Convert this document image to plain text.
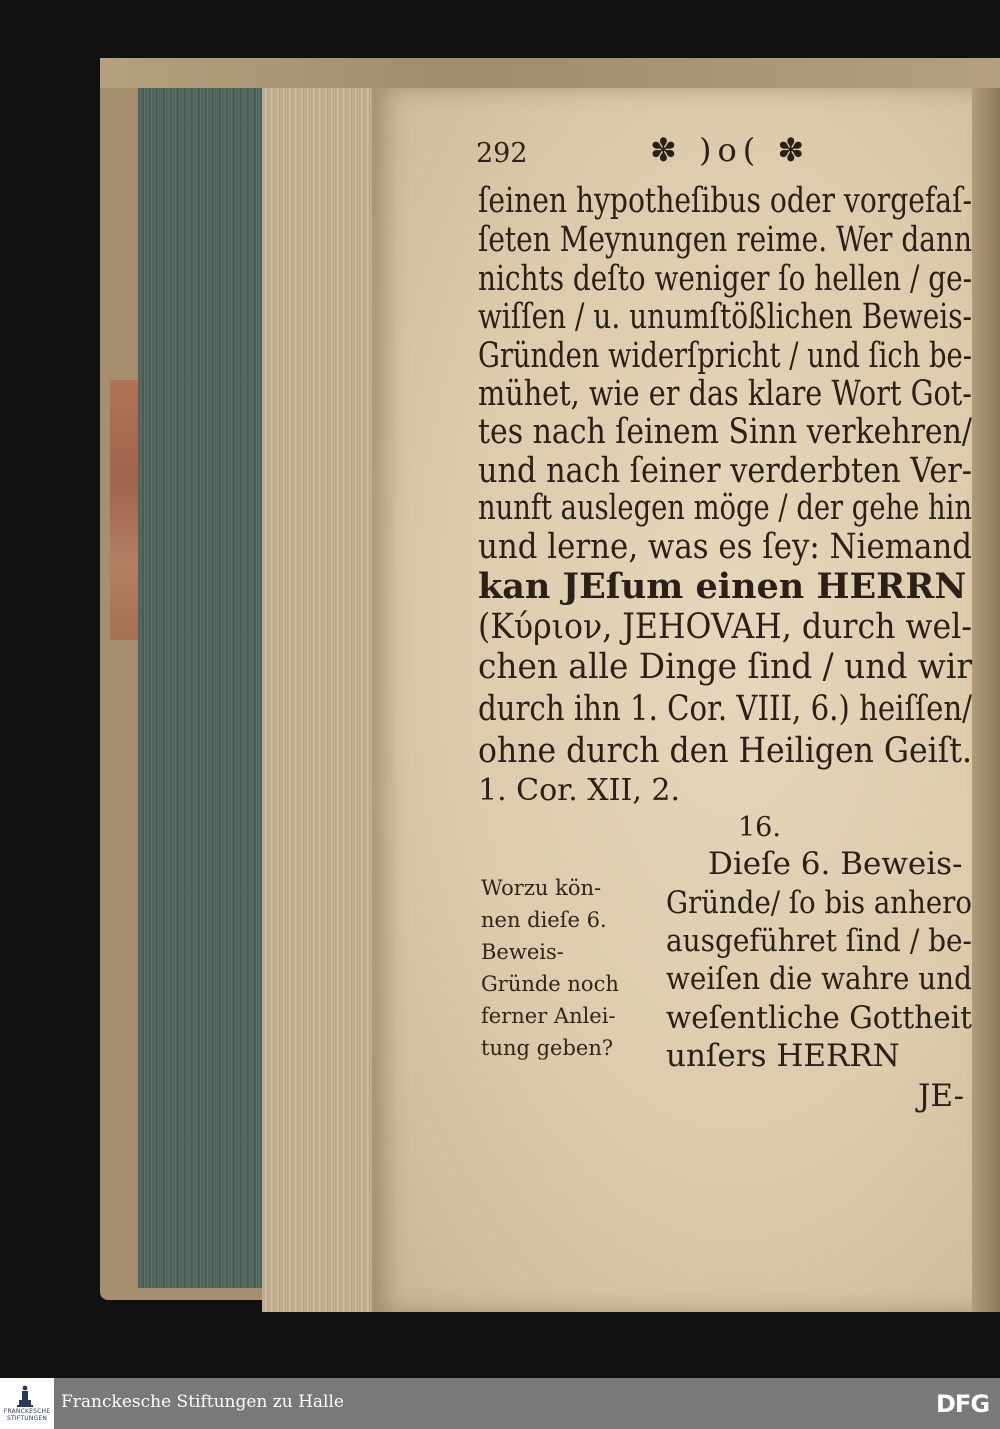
292	✽ )o( ✽
ſeinen hypotheſibus oder vorgefaſ-
ſeten Meynungen reime. Wer dann
nichts deſto weniger ſo hellen / ge-
wiſſen / u. unumſtößlichen Beweis-
Gründen widerſpricht / und ſich be-
mühet, wie er das klare Wort Got-
tes nach ſeinem Sinn verkehren/
und nach ſeiner verderbten Ver-
nunft auslegen möge / der gehe hin
und lerne, was es ſey: Niemand
kan JEſum einen HERRN
(Κύριον, JEHOVAH, durch wel-
chen alle Dinge ſind / und wir
durch ihn 1. Cor. VIII, 6.) heiſſen/
ohne durch den Heiligen Geiſt.
1. Cor. XII, 2.
16.
Worzu kön-
nen dieſe 6.
Beweis-
Gründe noch
ferner Anlei-
tung geben?
Dieſe 6. Beweis-
Gründe/ ſo bis anhero
ausgeführet ſind / be-
weiſen die wahre und
weſentliche Gottheit
unſers HERRN
JE-
FRANCKESCHE
STIFTUNGEN
Franckesche Stiftungen zu Halle	DFG
